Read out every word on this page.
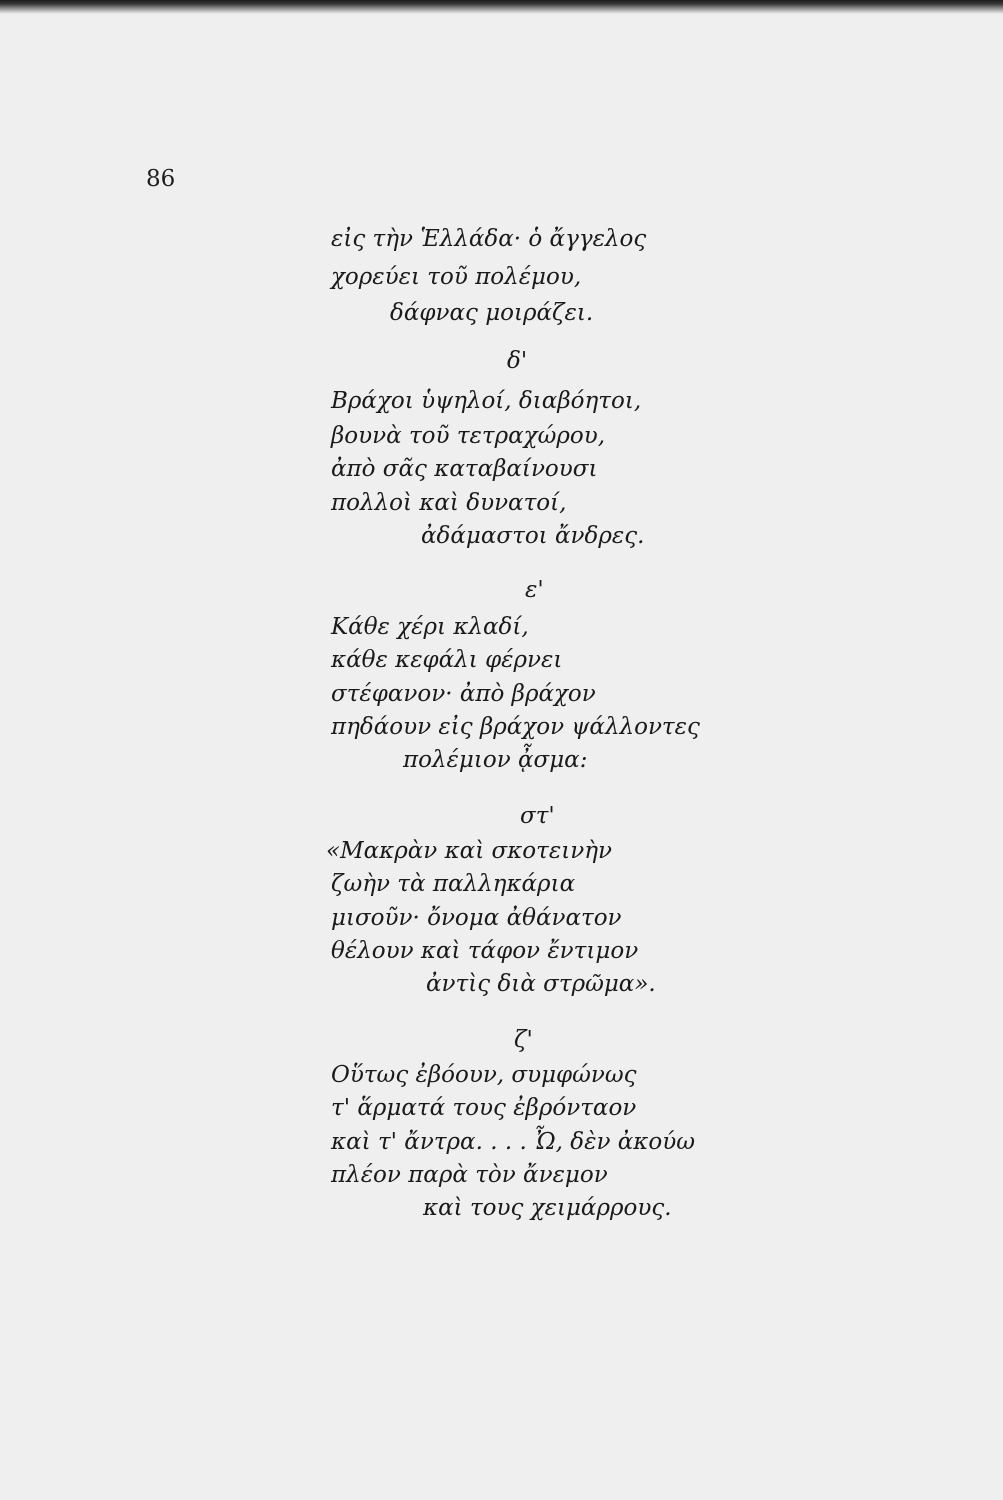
86
εἰς τὴν Ἑλλάδα· ὁ ἄγγελος
χορεύει τοῦ πολέμου,
δάφνας μοιράζει.
δ'
Βράχοι ὑψηλοί, διαβόητοι,
βουνὰ τοῦ τετραχώρου,
ἀπὸ σᾶς καταβαίνουσι
πολλοὶ καὶ δυνατοί,
ἀδάμαστοι ἄνδρες.
ε'
Κάθε χέρι κλαδί,
κάθε κεφάλι φέρνει
στέφανον· ἀπὸ βράχον
πηδάουν εἰς βράχον ψάλλοντες
πολέμιον ᾆσμα:
στ'
«Μακρὰν καὶ σκοτεινὴν
ζωὴν τὰ παλληκάρια
μισοῦν· ὄνομα ἀθάνατον
θέλουν καὶ τάφον ἔντιμον
ἀντὶς διὰ στρῶμα».
ζ'
Οὕτως ἐβόουν, συμφώνως
τ' ἅρματά τους ἐβρόνταον
καὶ τ' ἄντρα. . . . Ὦ, δὲν ἀκούω
πλέον παρὰ τὸν ἄνεμον
καὶ τους χειμάρρους.
